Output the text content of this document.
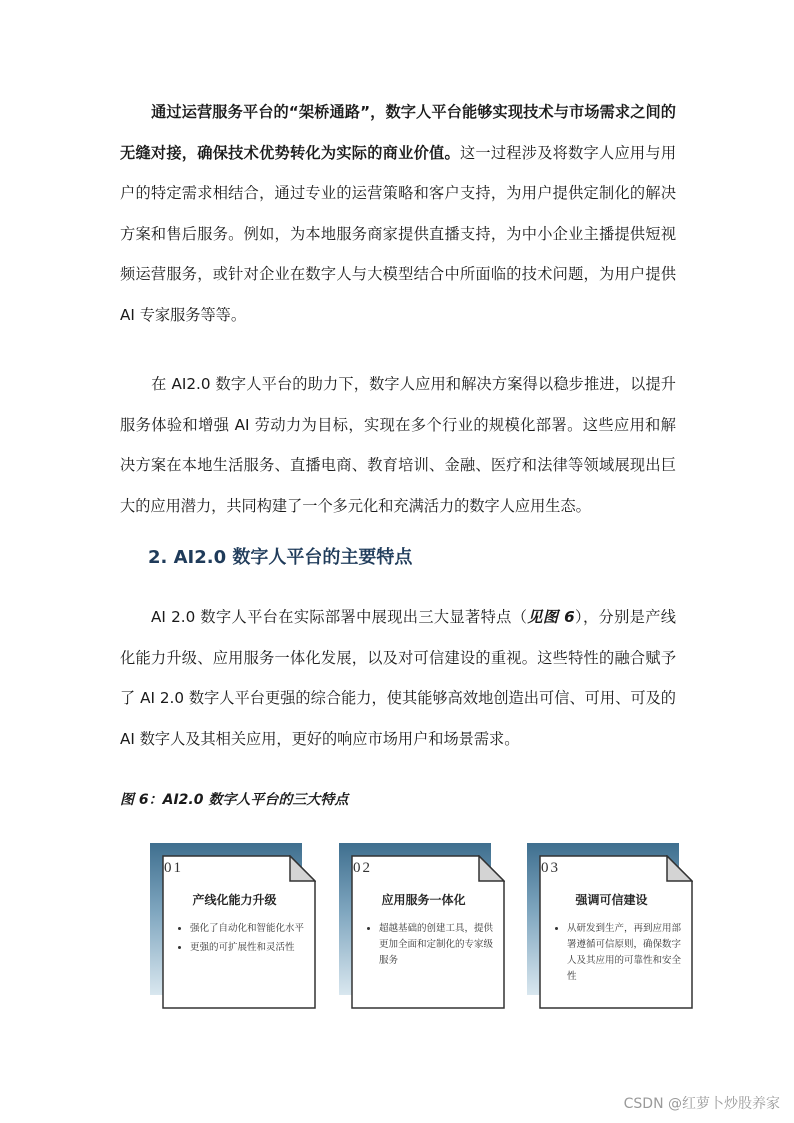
通过运营服务平台的“架桥通路”，数字人平台能够实现技术与市场需求之间的无缝对接，确保技术优势转化为实际的商业价值。这一过程涉及将数字人应用与用户的特定需求相结合，通过专业的运营策略和客户支持，为用户提供定制化的解决方案和售后服务。例如，为本地服务商家提供直播支持，为中小企业主播提供短视频运营服务，或针对企业在数字人与大模型结合中所面临的技术问题，为用户提供 AI 专家服务等等。

在 AI2.0 数字人平台的助力下，数字人应用和解决方案得以稳步推进，以提升服务体验和增强 AI 劳动力为目标，实现在多个行业的规模化部署。这些应用和解决方案在本地生活服务、直播电商、教育培训、金融、医疗和法律等领域展现出巨大的应用潜力，共同构建了一个多元化和充满活力的数字人应用生态。

2. AI2.0 数字人平台的主要特点

AI 2.0 数字人平台在实际部署中展现出三大显著特点（见图 6），分别是产线化能力升级、应用服务一体化发展，以及对可信建设的重视。这些特性的融合赋予了 AI 2.0 数字人平台更强的综合能力，使其能够高效地创造出可信、可用、可及的 AI 数字人及其相关应用，更好的响应市场用户和场景需求。

图 6：AI2.0 数字人平台的三大特点

01
产线化能力升级
• 强化了自动化和智能化水平
• 更强的可扩展性和灵活性
02
应用服务一体化
• 超越基础的创建工具，提供更加全面和定制化的专家级服务
03
强调可信建设
• 从研发到生产，再到应用部署遵循可信原则，确保数字人及其应用的可靠性和安全性

CSDN @红萝卜炒股养家
